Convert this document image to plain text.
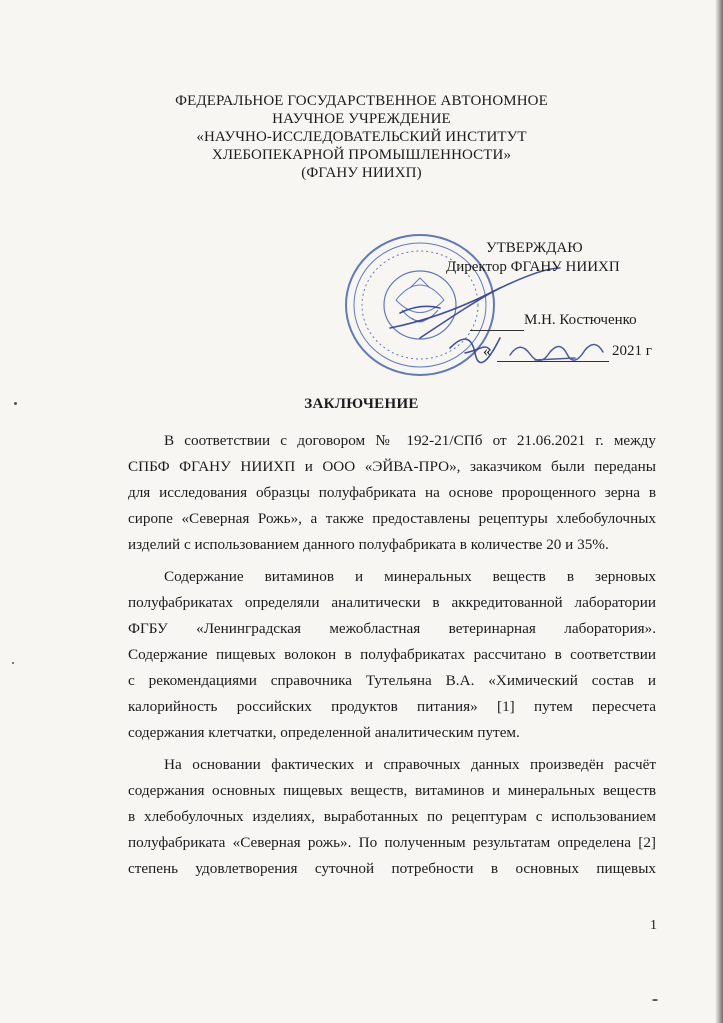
ФЕДЕРАЛЬНОЕ ГОСУДАРСТВЕННОЕ АВТОНОМНОЕ
НАУЧНОЕ УЧРЕЖДЕНИЕ
«НАУЧНО-ИССЛЕДОВАТЕЛЬСКИЙ ИНСТИТУТ
ХЛЕБОПЕКАРНОЙ ПРОМЫШЛЕННОСТИ»
(ФГАНУ НИИХП)
УТВЕРЖДАЮ
Директор ФГАНУ НИИХП
М.Н. Костюченко
«	2021 г
ЗАКЛЮЧЕНИЕ
В соответствии с договором № 192-21/СПб от 21.06.2021 г. между
СПБФ ФГАНУ НИИХП и ООО «ЭЙВА-ПРО», заказчиком были переданы
для исследования образцы полуфабриката на основе пророщенного зерна в
сиропе «Северная Рожь», а также предоставлены рецептуры хлебобулочных
изделий с использованием данного полуфабриката в количестве 20 и 35%.
Содержание витаминов и минеральных веществ в зерновых
полуфабрикатах определяли аналитически в аккредитованной лаборатории
ФГБУ «Ленинградская межобластная ветеринарная лаборатория».
Содержание пищевых волокон в полуфабрикатах рассчитано в соответствии
с рекомендациями справочника Тутельяна В.А. «Химический состав и
калорийность российских продуктов питания» [1] путем пересчета
содержания клетчатки, определенной аналитическим путем.
На основании фактических и справочных данных произведён расчёт
содержания основных пищевых веществ, витаминов и минеральных веществ
в хлебобулочных изделиях, выработанных по рецептурам с использованием
полуфабриката «Северная рожь». По полученным результатам определена [2]
степень удовлетворения суточной потребности в основных пищевых
1
